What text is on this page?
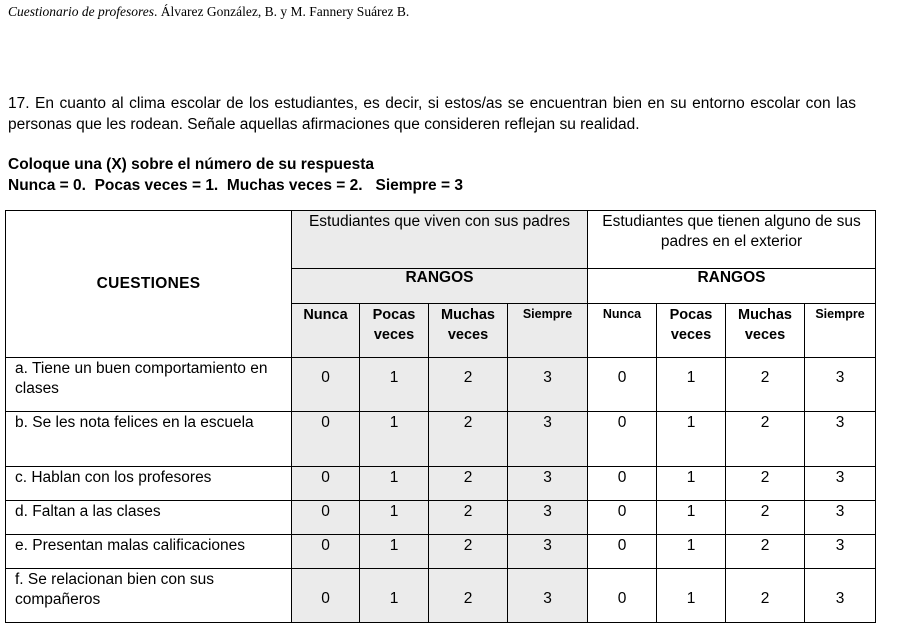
Cuestionario de profesores. Álvarez González, B. y M. Fannery Suárez B.
17. En cuanto al clima escolar de los estudiantes, es decir, si estos/as se encuentran bien en su entorno escolar con las personas que les rodean. Señale aquellas afirmaciones que consideren reflejan su realidad.
Coloque una (X) sobre el número de su respuesta
Nunca = 0.  Pocas veces = 1.  Muchas veces = 2.   Siempre = 3
CUESTIONES	Estudiantes que viven con sus padres				Estudiantes que tienen alguno de sus padres en el exterior			
	RANGOS				RANGOS			
	Nunca	Pocas veces	Muchas veces	Siempre	Nunca	Pocas veces	Muchas veces	Siempre
a. Tiene un buen comportamiento en clases	0	1	2	3	0	1	2	3
b. Se les nota felices en la escuela	0	1	2	3	0	1	2	3
c. Hablan con los profesores	0	1	2	3	0	1	2	3
d. Faltan a las clases	0	1	2	3	0	1	2	3
e. Presentan malas calificaciones	0	1	2	3	0	1	2	3
f. Se relacionan bien con sus compañeros	0	1	2	3	0	1	2	3
